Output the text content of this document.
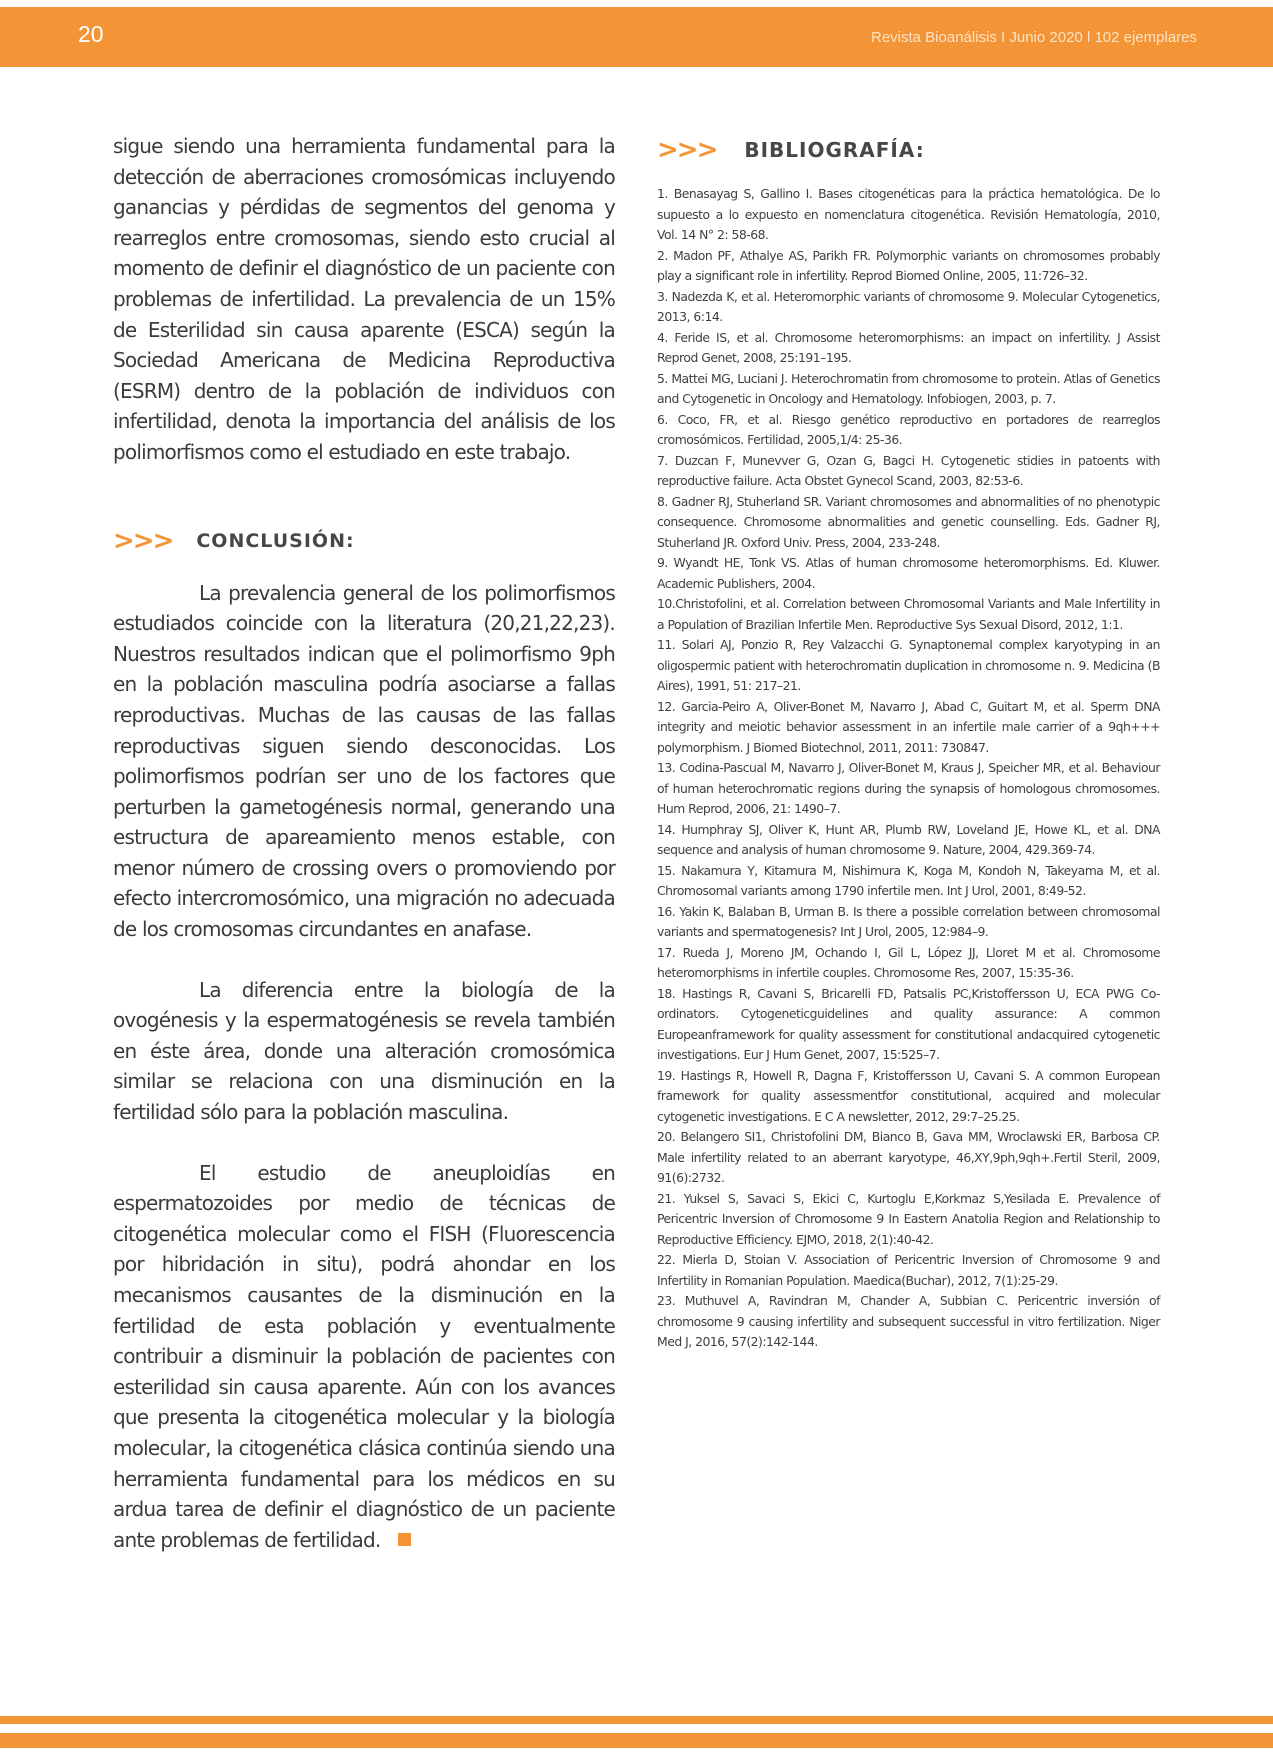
20	Revista Bioanálisis I Junio 2020 l 102 ejemplares

sigue siendo una herramienta fundamental para la detección de aberraciones cromosómicas incluyendo ganancias y pérdidas de segmentos del genoma y rearreglos entre cromosomas, siendo esto crucial al momento de definir el diagnóstico de un paciente con problemas de infertilidad. La prevalencia de un 15% de Esterilidad sin causa aparente (ESCA) según la Sociedad Americana de Medicina Reproductiva (ESRM) dentro de la población de individuos con infertilidad, denota la importancia del análisis de los polimorfismos como el estudiado en este trabajo.

>>> CONCLUSIÓN:

La prevalencia general de los polimorfismos estudiados coincide con la literatura (20,21,22,23). Nuestros resultados indican que el polimorfismo 9ph en la población masculina podría asociarse a fallas reproductivas. Muchas de las causas de las fallas reproductivas siguen siendo desconocidas. Los polimorfismos podrían ser uno de los factores que perturben la gametogénesis normal, generando una estructura de apareamiento menos estable, con menor número de crossing overs o promoviendo por efecto intercromosómico, una migración no adecuada de los cromosomas circundantes en anafase.

La diferencia entre la biología de la ovogénesis y la espermatogénesis se revela también en éste área, donde una alteración cromosómica similar se relaciona con una disminución en la fertilidad sólo para la población masculina.

El estudio de aneuploidías en espermatozoides por medio de técnicas de citogenética molecular como el FISH (Fluorescencia por hibridación in situ), podrá ahondar en los mecanismos causantes de la disminución en la fertilidad de esta población y eventualmente contribuir a disminuir la población de pacientes con esterilidad sin causa aparente. Aún con los avances que presenta la citogenética molecular y la biología molecular, la citogenética clásica continúa siendo una herramienta fundamental para los médicos en su ardua tarea de definir el diagnóstico de un paciente ante problemas de fertilidad.

>>> BIBLIOGRAFÍA:
1. Benasayag S, Gallino I. Bases citogenéticas para la práctica hematológica. De lo supuesto a lo expuesto en nomenclatura citogenética. Revisión Hematología, 2010, Vol. 14 N° 2: 58-68.
2. Madon PF, Athalye AS, Parikh FR. Polymorphic variants on chromosomes probably play a significant role in infertility. Reprod Biomed Online, 2005, 11:726–32.
3. Nadezda K, et al. Heteromorphic variants of chromosome 9. Molecular Cytogenetics, 2013, 6:14.
4. Feride IS, et al. Chromosome heteromorphisms: an impact on infertility. J Assist Reprod Genet, 2008, 25:191–195.
5. Mattei MG, Luciani J. Heterochromatin from chromosome to protein. Atlas of Genetics and Cytogenetic in Oncology and Hematology. Infobiogen, 2003, p. 7.
6. Coco, FR, et al. Riesgo genético reproductivo en portadores de rearreglos cromosómicos. Fertilidad, 2005,1/4: 25-36.
7. Duzcan F, Munevver G, Ozan G, Bagci H. Cytogenetic stidies in patoents with reproductive failure. Acta Obstet Gynecol Scand, 2003, 82:53-6.
8. Gadner RJ, Stuherland SR. Variant chromosomes and abnormalities of no phenotypic consequence. Chromosome abnormalities and genetic counselling. Eds. Gadner RJ, Stuherland JR. Oxford Univ. Press, 2004, 233-248.
9. Wyandt HE, Tonk VS. Atlas of human chromosome heteromorphisms. Ed. Kluwer. Academic Publishers, 2004.
10.Christofolini, et al. Correlation between Chromosomal Variants and Male Infertility in a Population of Brazilian Infertile Men. Reproductive Sys Sexual Disord, 2012, 1:1.
11. Solari AJ, Ponzio R, Rey Valzacchi G. Synaptonemal complex karyotyping in an oligospermic patient with heterochromatin duplication in chromosome n. 9. Medicina (B Aires), 1991, 51: 217–21.
12. Garcia-Peiro A, Oliver-Bonet M, Navarro J, Abad C, Guitart M, et al. Sperm DNA integrity and meiotic behavior assessment in an infertile male carrier of a 9qh+++ polymorphism. J Biomed Biotechnol, 2011, 2011: 730847.
13. Codina-Pascual M, Navarro J, Oliver-Bonet M, Kraus J, Speicher MR, et al. Behaviour of human heterochromatic regions during the synapsis of homologous chromosomes. Hum Reprod, 2006, 21: 1490–7.
14. Humphray SJ, Oliver K, Hunt AR, Plumb RW, Loveland JE, Howe KL, et al. DNA sequence and analysis of human chromosome 9. Nature, 2004, 429.369-74.
15. Nakamura Y, Kitamura M, Nishimura K, Koga M, Kondoh N, Takeyama M, et al. Chromosomal variants among 1790 infertile men. Int J Urol, 2001, 8:49-52.
16. Yakin K, Balaban B, Urman B. Is there a possible correlation between chromosomal variants and spermatogenesis? Int J Urol, 2005, 12:984–9.
17. Rueda J, Moreno JM, Ochando I, Gil L, López JJ, Lloret M et al. Chromosome heteromorphisms in infertile couples. Chromosome Res, 2007, 15:35-36.
18. Hastings R, Cavani S, Bricarelli FD, Patsalis PC,Kristoffersson U, ECA PWG Co-ordinators. Cytogeneticguidelines and quality assurance: A common Europeanframework for quality assessment for constitutional andacquired cytogenetic investigations. Eur J Hum Genet, 2007, 15:525–7.
19. Hastings R, Howell R, Dagna F, Kristoffersson U, Cavani S. A common European framework for quality assessmentfor constitutional, acquired and molecular cytogenetic investigations. E C A newsletter, 2012, 29:7–25.25.
20. Belangero SI1, Christofolini DM, Bianco B, Gava MM, Wroclawski ER, Barbosa CP. Male infertility related to an aberrant karyotype, 46,XY,9ph,9qh+.Fertil Steril, 2009, 91(6):2732.
21. Yuksel S, Savaci S, Ekici C, Kurtoglu E,Korkmaz S,Yesilada E. Prevalence of Pericentric Inversion of Chromosome 9 In Eastern Anatolia Region and Relationship to Reproductive Efficiency. EJMO, 2018, 2(1):40-42.
22. Mierla D, Stoian V. Association of Pericentric Inversion of Chromosome 9 and Infertility in Romanian Population. Maedica(Buchar), 2012, 7(1):25-29.
23. Muthuvel A, Ravindran M, Chander A, Subbian C. Pericentric inversión of chromosome 9 causing infertility and subsequent successful in vitro fertilization. Niger Med J, 2016, 57(2):142-144.
